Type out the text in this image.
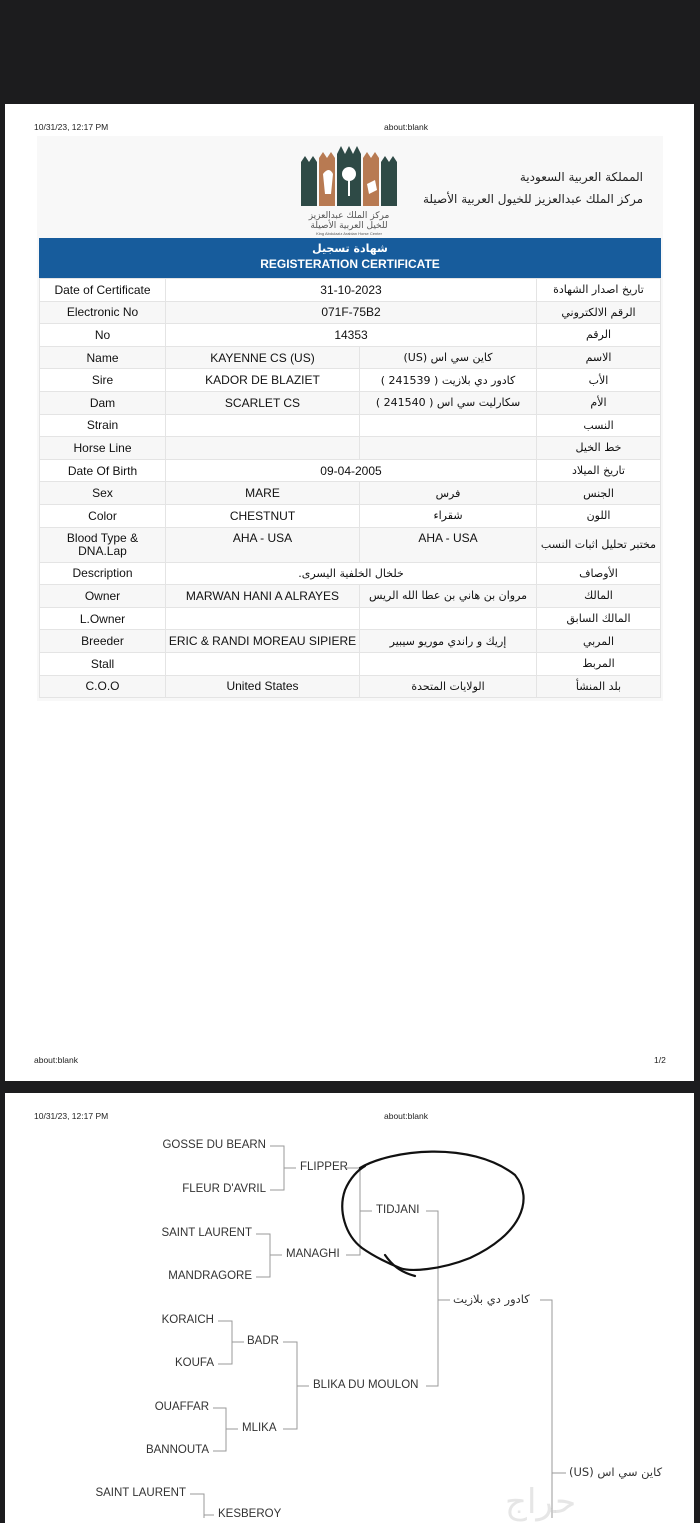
10/31/23, 12:17 PM	about:blank
مركز الملك عبدالعزيز
للخيل العربية الأصيلة
King Abdulaziz Arabian Horse Center
المملكة العربية السعودية
مركز الملك عبدالعزيز للخيول العربية الأصيلة
شهادة تسجيل
REGISTERATION CERTIFICATE
Date of Certificate	31-10-2023		تاريخ اصدار الشهادة
Electronic No	071F-75B2		الرقم الالكتروني
No	14353		الرقم
Name	KAYENNE CS (US)	كاين سي اس (US)	الاسم
Sire	KADOR DE BLAZIET	كادور دي بلازيت ( 241539 )	الأب
Dam	SCARLET CS	سكارليت سي اس ( 241540 )	الأم
Strain			النسب
Horse Line			خط الخيل
Date Of Birth	09-04-2005		تاريخ الميلاد
Sex	MARE	فرس	الجنس
Color	CHESTNUT	شقراء	اللون
Blood Type & DNA.Lap	AHA - USA	AHA - USA	مختبر تحليل اثبات النسب
Description	خلخال الخلفية اليسرى.		الأوصاف
Owner	MARWAN HANI A ALRAYES	مروان بن هاني بن عطا الله الريس	المالك
L.Owner			المالك السابق
Breeder	ERIC & RANDI MOREAU SIPIERE	إريك و راندي موريو سيبير	المربي
Stall			المربط
C.O.O	United States	الولايات المتحدة	بلد المنشأ
about:blank	1/2
10/31/23, 12:17 PM	about:blank
GOSSE DU BEARN
FLEUR D'AVRIL
SAINT LAURENT
MANDRAGORE
KORAICH
KOUFA
OUAFFAR
BANNOUTA
SAINT LAURENT
FLIPPER
MANAGHI
BADR
MLIKA
KESBEROY
TIDJANI
BLIKA DU MOULON
كادور دي بلازيت
كاين سي اس (US)
حراج
